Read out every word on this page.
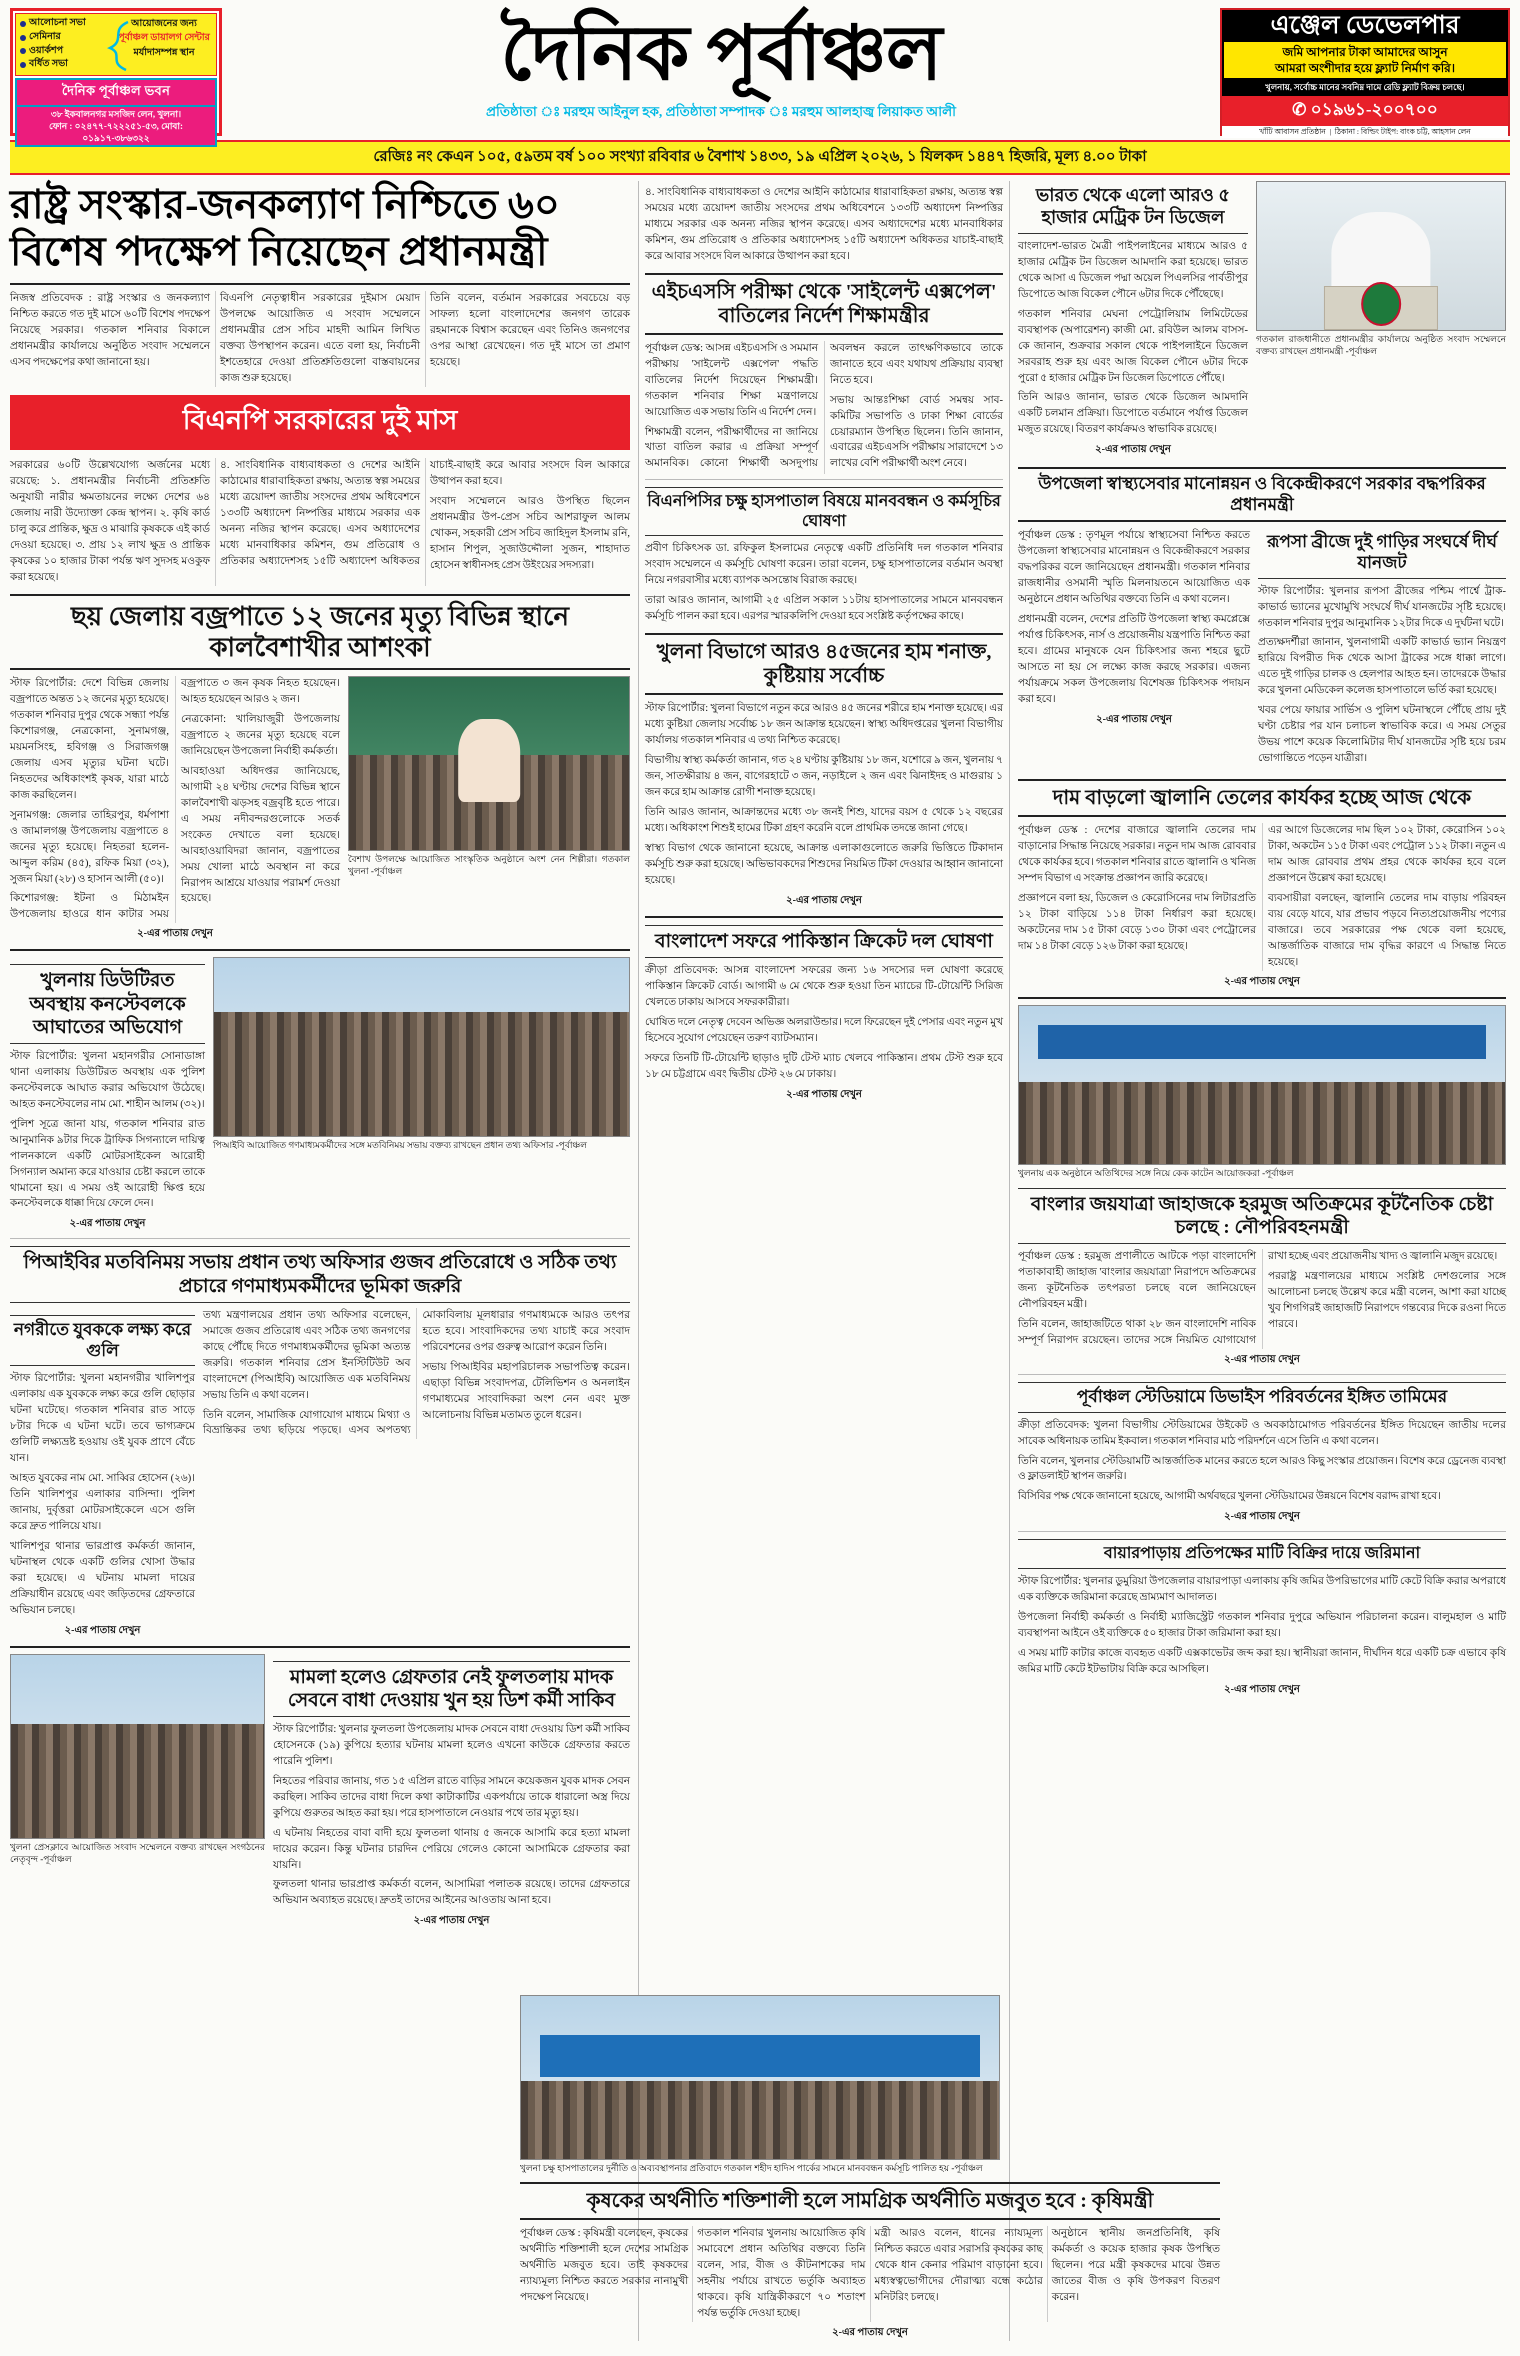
আলোচনা সভা
সেমিনার
ওয়ার্কশপ
বর্ধিত সভা
আয়োজনের জন্য
পূর্বাঞ্চল ডায়ালগ সেন্টার
মর্যাদাসম্পন্ন স্থান
দৈনিক পূর্বাঞ্চল ভবন
৩৮ ইকবালনগর মসজিদ লেন, খুলনা।
ফোন : ০২৪৭৭-৭২২২৫১-৫৩, মোবা: ০১৯১৭-৩৮৬৩২২
দৈনিক পূর্বাঞ্চল
প্রতিষ্ঠাতা ঃ মরহুম আইনুল হক, প্রতিষ্ঠাতা সম্পাদক ঃ মরহুম আলহাজ্ব লিয়াকত আলী
এঞ্জেল ডেভেলপার
জমি আপনার টাকা আমাদের আসুন
আমরা অংশীদার হয়ে ফ্ল্যাট নির্মাণ করি।
খুলনায়, সর্বোচ্চ মানের সবনিম্ন দামে রেডি ফ্ল্যাট বিক্রয় চলছে।
✆ ০১৯৬১-২০০৭০০
খাঁটি আবাসন প্রতিষ্ঠান  |  ঠিকানা : বিল্ডিং টাইপ: বাংক চট্টি, আহসান লেন
রেজিঃ নং কেএন ১০৫, ৫৯তম বর্ষ ১০০ সংখ্যা রবিবার ৬ বৈশাখ ১৪৩৩, ১৯ এপ্রিল ২০২৬, ১ যিলকদ ১৪৪৭ হিজরি, মূল্য ৪.০০ টাকা
রাষ্ট্র সংস্কার-জনকল্যাণ নিশ্চিতে ৬০ বিশেষ পদক্ষেপ নিয়েছেন প্রধানমন্ত্রী

নিজস্ব প্রতিবেদক : রাষ্ট্র সংস্কার ও জনকল্যাণ নিশ্চিত করতে গত দুই মাসে ৬০টি বিশেষ পদক্ষেপ নিয়েছে সরকার। গতকাল শনিবার বিকালে প্রধানমন্ত্রীর কার্যালয়ে অনুষ্ঠিত সংবাদ সম্মেলনে এসব পদক্ষেপের কথা জানানো হয়।

বিএনপি নেতৃত্বাধীন সরকারের দুইমাস মেয়াদ উপলক্ষে আয়োজিত এ সংবাদ সম্মেলনে প্রধানমন্ত্রীর প্রেস সচিব মাহদী আমিন লিখিত বক্তব্য উপস্থাপন করেন। এতে বলা হয়, নির্বাচনী ইশতেহারে দেওয়া প্রতিশ্রুতিগুলো বাস্তবায়নের কাজ শুরু হয়েছে।

তিনি বলেন, বর্তমান সরকারের সবচেয়ে বড় সাফল্য হলো বাংলাদেশের জনগণ তারেক রহমানকে বিশ্বাস করেছেন এবং তিনিও জনগণের ওপর আস্থা রেখেছেন। গত দুই মাসে তা প্রমাণ হয়েছে।

বিএনপি সরকারের দুই মাস

সরকারের ৬০টি উল্লেখযোগ্য অর্জনের মধ্যে রয়েছে: ১. প্রধানমন্ত্রীর নির্বাচনী প্রতিশ্রুতি অনুযায়ী নারীর ক্ষমতায়নের লক্ষ্যে দেশের ৬৪ জেলায় নারী উদ্যোক্তা কেন্দ্র স্থাপন। ২. কৃষি কার্ড চালু করে প্রান্তিক, ক্ষুদ্র ও মাঝারি কৃষককে এই কার্ড দেওয়া হয়েছে। ৩. প্রায় ১২ লাখ ক্ষুদ্র ও প্রান্তিক কৃষকের ১০ হাজার টাকা পর্যন্ত ঋণ সুদসহ মওকুফ করা হয়েছে।

৪. সাংবিধানিক বাধ্যবাধকতা ও দেশের আইনি কাঠামোর ধারাবাহিকতা রক্ষায়, অত্যন্ত স্বল্প সময়ের মধ্যে ত্রয়োদশ জাতীয় সংসদের প্রথম অধিবেশনে ১৩৩টি অধ্যাদেশ নিষ্পত্তির মাধ্যমে সরকার এক অনন্য নজির স্থাপন করেছে। এসব অধ্যাদেশের মধ্যে মানবাধিকার কমিশন, গুম প্রতিরোধ ও প্রতিকার অধ্যাদেশসহ ১৫টি অধ্যাদেশ অধিকতর যাচাই-বাছাই করে আবার সংসদে বিল আকারে উত্থাপন করা হবে।

সংবাদ সম্মেলনে আরও উপস্থিত ছিলেন প্রধানমন্ত্রীর উপ-প্রেস সচিব আশরাফুল আলম খোকন, সহকারী প্রেস সচিব জাহিদুল ইসলাম রনি, হাসান শিপুল, সুজাউদ্দৌলা সুজন, শাহাদাত হোসেন স্বাধীনসহ প্রেস উইংয়ের সদস্যরা।

ছয় জেলায় বজ্রপাতে ১২ জনের মৃত্যু বিভিন্ন স্থানে কালবৈশাখীর আশংকা

স্টাফ রিপোর্টার: দেশে বিভিন্ন জেলায় বজ্রপাতে অন্তত ১২ জনের মৃত্যু হয়েছে। গতকাল শনিবার দুপুর থেকে সন্ধ্যা পর্যন্ত কিশোরগঞ্জ, নেত্রকোনা, সুনামগঞ্জ, ময়মনসিংহ, হবিগঞ্জ ও সিরাজগঞ্জ জেলায় এসব মৃত্যুর ঘটনা ঘটে। নিহতদের অধিকাংশই কৃষক, যারা মাঠে কাজ করছিলেন।

সুনামগঞ্জ: জেলার তাহিরপুর, ধর্মপাশা ও জামালগঞ্জ উপজেলায় বজ্রপাতে ৪ জনের মৃত্যু হয়েছে। নিহতরা হলেন- আব্দুল করিম (৪৫), রফিক মিয়া (৩২), সুজন মিয়া (২৮) ও হাসান আলী (৫০)।

কিশোরগঞ্জ: ইটনা ও মিঠামইন উপজেলায় হাওরে ধান কাটার সময় বজ্রপাতে ৩ জন কৃষক নিহত হয়েছেন। আহত হয়েছেন আরও ২ জন।

নেত্রকোনা: খালিয়াজুরী উপজেলায় বজ্রপাতে ২ জনের মৃত্যু হয়েছে বলে জানিয়েছেন উপজেলা নির্বাহী কর্মকর্তা।

আবহাওয়া অধিদপ্তর জানিয়েছে, আগামী ২৪ ঘণ্টায় দেশের বিভিন্ন স্থানে কালবৈশাখী ঝড়সহ বজ্রবৃষ্টি হতে পারে। এ সময় নদীবন্দরগুলোকে সতর্ক সংকেত দেখাতে বলা হয়েছে। আবহাওয়াবিদরা জানান, বজ্রপাতের সময় খোলা মাঠে অবস্থান না করে নিরাপদ আশ্রয়ে যাওয়ার পরামর্শ দেওয়া হয়েছে।

২-এর পাতায় দেখুন
বৈশাখ উপলক্ষে আয়োজিত সাংস্কৃতিক অনুষ্ঠানে অংশ নেন শিল্পীরা। গতকাল খুলনা -পূর্বাঞ্চল
খুলনায় ডিউটিরত অবস্থায় কনস্টেবলকে আঘাতের অভিযোগ

স্টাফ রিপোর্টার: খুলনা মহানগরীর সোনাডাঙ্গা থানা এলাকায় ডিউটিরত অবস্থায় এক পুলিশ কনস্টেবলকে আঘাত করার অভিযোগ উঠেছে। আহত কনস্টেবলের নাম মো. শাহীন আলম (৩২)।

পুলিশ সূত্রে জানা যায়, গতকাল শনিবার রাত আনুমানিক ৯টার দিকে ট্রাফিক সিগন্যালে দায়িত্ব পালনকালে একটি মোটরসাইকেল আরোহী সিগন্যাল অমান্য করে যাওয়ার চেষ্টা করলে তাকে থামানো হয়। এ সময় ওই আরোহী ক্ষিপ্ত হয়ে কনস্টেবলকে ধাক্কা দিয়ে ফেলে দেন।

২-এর পাতায় দেখুন
পিআইবি আয়োজিত গণমাধ্যমকর্মীদের সঙ্গে মতবিনিময় সভায় বক্তব্য রাখছেন প্রধান তথ্য অফিসার -পূর্বাঞ্চল
পিআইবির মতবিনিময় সভায় প্রধান তথ্য অফিসার গুজব প্রতিরোধে ও সঠিক তথ্য প্রচারে গণমাধ্যমকর্মীদের ভূমিকা জরুরি
নগরীতে যুবককে লক্ষ্য করে গুলি

স্টাফ রিপোর্টার: খুলনা মহানগরীর খালিশপুর এলাকায় এক যুবককে লক্ষ্য করে গুলি ছোড়ার ঘটনা ঘটেছে। গতকাল শনিবার রাত সাড়ে ৮টার দিকে এ ঘটনা ঘটে। তবে ভাগ্যক্রমে গুলিটি লক্ষ্যভ্রষ্ট হওয়ায় ওই যুবক প্রাণে বেঁচে যান।

আহত যুবকের নাম মো. সাব্বির হোসেন (২৬)। তিনি খালিশপুর এলাকার বাসিন্দা। পুলিশ জানায়, দুর্বৃত্তরা মোটরসাইকেলে এসে গুলি করে দ্রুত পালিয়ে যায়।

খালিশপুর থানার ভারপ্রাপ্ত কর্মকর্তা জানান, ঘটনাস্থল থেকে একটি গুলির খোসা উদ্ধার করা হয়েছে। এ ঘটনায় মামলা দায়ের প্রক্রিয়াধীন রয়েছে এবং জড়িতদের গ্রেফতারে অভিযান চলছে।

২-এর পাতায় দেখুন

তথ্য মন্ত্রণালয়ের প্রধান তথ্য অফিসার বলেছেন, সমাজে গুজব প্রতিরোধ এবং সঠিক তথ্য জনগণের কাছে পৌঁছে দিতে গণমাধ্যমকর্মীদের ভূমিকা অত্যন্ত জরুরি। গতকাল শনিবার প্রেস ইনস্টিটিউট অব বাংলাদেশে (পিআইবি) আয়োজিত এক মতবিনিময় সভায় তিনি এ কথা বলেন।

তিনি বলেন, সামাজিক যোগাযোগ মাধ্যমে মিথ্যা ও বিভ্রান্তিকর তথ্য ছড়িয়ে পড়ছে। এসব অপতথ্য মোকাবিলায় মূলধারার গণমাধ্যমকে আরও তৎপর হতে হবে। সাংবাদিকদের তথ্য যাচাই করে সংবাদ পরিবেশনের ওপর গুরুত্ব আরোপ করেন তিনি।

সভায় পিআইবির মহাপরিচালক সভাপতিত্ব করেন। এছাড়া বিভিন্ন সংবাদপত্র, টেলিভিশন ও অনলাইন গণমাধ্যমের সাংবাদিকরা অংশ নেন এবং মুক্ত আলোচনায় বিভিন্ন মতামত তুলে ধরেন।

খুলনা প্রেসক্লাবে আয়োজিত সংবাদ সম্মেলনে বক্তব্য রাখছেন সংগঠনের নেতৃবৃন্দ -পূর্বাঞ্চল
মামলা হলেও গ্রেফতার নেই ফুলতলায় মাদক সেবনে বাধা দেওয়ায় খুন হয় ডিশ কর্মী সাকিব

স্টাফ রিপোর্টার: খুলনার ফুলতলা উপজেলায় মাদক সেবনে বাধা দেওয়ায় ডিশ কর্মী সাকিব হোসেনকে (১৯) কুপিয়ে হত্যার ঘটনায় মামলা হলেও এখনো কাউকে গ্রেফতার করতে পারেনি পুলিশ।

নিহতের পরিবার জানায়, গত ১৫ এপ্রিল রাতে বাড়ির সামনে কয়েকজন যুবক মাদক সেবন করছিল। সাকিব তাদের বাধা দিলে কথা কাটাকাটির একপর্যায়ে তাকে ধারালো অস্ত্র দিয়ে কুপিয়ে গুরুতর আহত করা হয়। পরে হাসপাতালে নেওয়ার পথে তার মৃত্যু হয়।

এ ঘটনায় নিহতের বাবা বাদী হয়ে ফুলতলা থানায় ৫ জনকে আসামি করে হত্যা মামলা দায়ের করেন। কিন্তু ঘটনার চারদিন পেরিয়ে গেলেও কোনো আসামিকে গ্রেফতার করা যায়নি।

ফুলতলা থানার ভারপ্রাপ্ত কর্মকর্তা বলেন, আসামিরা পলাতক রয়েছে। তাদের গ্রেফতারে অভিযান অব্যাহত রয়েছে। দ্রুতই তাদের আইনের আওতায় আনা হবে।

২-এর পাতায় দেখুন

৪. সাংবিধানিক বাধ্যবাধকতা ও দেশের আইনি কাঠামোর ধারাবাহিকতা রক্ষায়, অত্যন্ত স্বল্প সময়ের মধ্যে ত্রয়োদশ জাতীয় সংসদের প্রথম অধিবেশনে ১৩৩টি অধ্যাদেশ নিষ্পত্তির মাধ্যমে সরকার এক অনন্য নজির স্থাপন করেছে। এসব অধ্যাদেশের মধ্যে মানবাধিকার কমিশন, গুম প্রতিরোধ ও প্রতিকার অধ্যাদেশসহ ১৫টি অধ্যাদেশ অধিকতর যাচাই-বাছাই করে আবার সংসদে বিল আকারে উত্থাপন করা হবে।

এইচএসসি পরীক্ষা থেকে 'সাইলেন্ট এক্সপেল' বাতিলের নির্দেশ শিক্ষামন্ত্রীর

পূর্বাঞ্চল ডেস্ক: আসন্ন এইচএসসি ও সমমান পরীক্ষায় 'সাইলেন্ট এক্সপেল' পদ্ধতি বাতিলের নির্দেশ দিয়েছেন শিক্ষামন্ত্রী। গতকাল শনিবার শিক্ষা মন্ত্রণালয়ে আয়োজিত এক সভায় তিনি এ নির্দেশ দেন।

শিক্ষামন্ত্রী বলেন, পরীক্ষার্থীদের না জানিয়ে খাতা বাতিল করার এ প্রক্রিয়া সম্পূর্ণ অমানবিক। কোনো শিক্ষার্থী অসদুপায় অবলম্বন করলে তাৎক্ষণিকভাবে তাকে জানাতে হবে এবং যথাযথ প্রক্রিয়ায় ব্যবস্থা নিতে হবে।

সভায় আন্তঃশিক্ষা বোর্ড সমন্বয় সাব-কমিটির সভাপতি ও ঢাকা শিক্ষা বোর্ডের চেয়ারম্যান উপস্থিত ছিলেন। তিনি জানান, এবারের এইচএসসি পরীক্ষায় সারাদেশে ১৩ লাখের বেশি পরীক্ষার্থী অংশ নেবে।

বিএনপিসির চক্ষু হাসপাতাল বিষয়ে মানববন্ধন ও কর্মসূচির ঘোষণা

প্রবীণ চিকিৎসক ডা. রফিকুল ইসলামের নেতৃত্বে একটি প্রতিনিধি দল গতকাল শনিবার সংবাদ সম্মেলনে এ কর্মসূচি ঘোষণা করেন। তারা বলেন, চক্ষু হাসপাতালের বর্তমান অবস্থা নিয়ে নগরবাসীর মধ্যে ব্যাপক অসন্তোষ বিরাজ করছে।

তারা আরও জানান, আগামী ২৫ এপ্রিল সকাল ১১টায় হাসপাতালের সামনে মানববন্ধন কর্মসূচি পালন করা হবে। এরপর স্মারকলিপি দেওয়া হবে সংশ্লিষ্ট কর্তৃপক্ষের কাছে।

খুলনা বিভাগে আরও ৪৫জনের হাম শনাক্ত, কুষ্টিয়ায় সর্বোচ্চ

স্টাফ রিপোর্টার: খুলনা বিভাগে নতুন করে আরও ৪৫ জনের শরীরে হাম শনাক্ত হয়েছে। এর মধ্যে কুষ্টিয়া জেলায় সর্বোচ্চ ১৮ জন আক্রান্ত হয়েছেন। স্বাস্থ্য অধিদপ্তরের খুলনা বিভাগীয় কার্যালয় গতকাল শনিবার এ তথ্য নিশ্চিত করেছে।

বিভাগীয় স্বাস্থ্য কর্মকর্তা জানান, গত ২৪ ঘণ্টায় কুষ্টিয়ায় ১৮ জন, যশোরে ৯ জন, খুলনায় ৭ জন, সাতক্ষীরায় ৪ জন, বাগেরহাটে ৩ জন, নড়াইলে ২ জন এবং ঝিনাইদহ ও মাগুরায় ১ জন করে হাম আক্রান্ত রোগী শনাক্ত হয়েছে।

তিনি আরও জানান, আক্রান্তদের মধ্যে ৩৮ জনই শিশু, যাদের বয়স ৫ থেকে ১২ বছরের মধ্যে। অধিকাংশ শিশুই হামের টিকা গ্রহণ করেনি বলে প্রাথমিক তদন্তে জানা গেছে।

স্বাস্থ্য বিভাগ থেকে জানানো হয়েছে, আক্রান্ত এলাকাগুলোতে জরুরি ভিত্তিতে টিকাদান কর্মসূচি শুরু করা হয়েছে। অভিভাবকদের শিশুদের নিয়মিত টিকা দেওয়ার আহ্বান জানানো হয়েছে।

২-এর পাতায় দেখুন
বাংলাদেশ সফরে পাকিস্তান ক্রিকেট দল ঘোষণা

ক্রীড়া প্রতিবেদক: আসন্ন বাংলাদেশ সফরের জন্য ১৬ সদস্যের দল ঘোষণা করেছে পাকিস্তান ক্রিকেট বোর্ড। আগামী ৬ মে থেকে শুরু হওয়া তিন ম্যাচের টি-টোয়েন্টি সিরিজ খেলতে ঢাকায় আসবে সফরকারীরা।

ঘোষিত দলে নেতৃত্ব দেবেন অভিজ্ঞ অলরাউন্ডার। দলে ফিরেছেন দুই পেসার এবং নতুন মুখ হিসেবে সুযোগ পেয়েছেন তরুণ ব্যাটসম্যান।

সফরে তিনটি টি-টোয়েন্টি ছাড়াও দুটি টেস্ট ম্যাচ খেলবে পাকিস্তান। প্রথম টেস্ট শুরু হবে ১৮ মে চট্টগ্রামে এবং দ্বিতীয় টেস্ট ২৬ মে ঢাকায়।

২-এর পাতায় দেখুন
ভারত থেকে এলো আরও ৫ হাজার মেট্রিক টন ডিজেল

বাংলাদেশ-ভারত মৈত্রী পাইপলাইনের মাধ্যমে আরও ৫ হাজার মেট্রিক টন ডিজেল আমদানি করা হয়েছে। ভারত থেকে আসা এ ডিজেল পদ্মা অয়েল পিএলসির পার্বতীপুর ডিপোতে আজ বিকেল পৌনে ৬টার দিকে পৌঁছেছে।

গতকাল শনিবার মেঘনা পেট্রোলিয়াম লিমিটেডের ব্যবস্থাপক (অপারেশন) কাজী মো. রবিউল আলম বাসস-কে জানান, শুক্রবার সকাল থেকে পাইপলাইনে ডিজেল সরবরাহ শুরু হয় এবং আজ বিকেল পৌনে ৬টার দিকে পুরো ৫ হাজার মেট্রিক টন ডিজেল ডিপোতে পৌঁছে।

তিনি আরও জানান, ভারত থেকে ডিজেল আমদানি একটি চলমান প্রক্রিয়া। ডিপোতে বর্তমানে পর্যাপ্ত ডিজেল মজুত রয়েছে। বিতরণ কার্যক্রমও স্বাভাবিক রয়েছে।

২-এর পাতায় দেখুন
গতকাল রাজধানীতে প্রধানমন্ত্রীর কার্যালয়ে অনুষ্ঠিত সংবাদ সম্মেলনে বক্তব্য রাখছেন প্রধানমন্ত্রী -পূর্বাঞ্চল
উপজেলা স্বাস্থ্যসেবার মানোন্নয়ন ও বিকেন্দ্রীকরণে সরকার বদ্ধপরিকর প্রধানমন্ত্রী

পূর্বাঞ্চল ডেস্ক : তৃণমূল পর্যায়ে স্বাস্থ্যসেবা নিশ্চিত করতে উপজেলা স্বাস্থ্যসেবার মানোন্নয়ন ও বিকেন্দ্রীকরণে সরকার বদ্ধপরিকর বলে জানিয়েছেন প্রধানমন্ত্রী। গতকাল শনিবার রাজধানীর ওসমানী স্মৃতি মিলনায়তনে আয়োজিত এক অনুষ্ঠানে প্রধান অতিথির বক্তব্যে তিনি এ কথা বলেন।

প্রধানমন্ত্রী বলেন, দেশের প্রতিটি উপজেলা স্বাস্থ্য কমপ্লেক্সে পর্যাপ্ত চিকিৎসক, নার্স ও প্রয়োজনীয় যন্ত্রপাতি নিশ্চিত করা হবে। গ্রামের মানুষকে যেন চিকিৎসার জন্য শহরে ছুটে আসতে না হয় সে লক্ষ্যে কাজ করছে সরকার। এজন্য পর্যায়ক্রমে সকল উপজেলায় বিশেষজ্ঞ চিকিৎসক পদায়ন করা হবে।

২-এর পাতায় দেখুন
রূপসা ব্রীজে দুই গাড়ির সংঘর্ষে দীর্ঘ যানজট

স্টাফ রিপোর্টার: খুলনার রূপসা ব্রীজের পশ্চিম পার্শ্বে ট্রাক-কাভার্ড ভ্যানের মুখোমুখি সংঘর্ষে দীর্ঘ যানজটের সৃষ্টি হয়েছে। গতকাল শনিবার দুপুর আনুমানিক ১২টার দিকে এ দুর্ঘটনা ঘটে।

প্রত্যক্ষদর্শীরা জানান, খুলনাগামী একটি কাভার্ড ভ্যান নিয়ন্ত্রণ হারিয়ে বিপরীত দিক থেকে আসা ট্রাকের সঙ্গে ধাক্কা লাগে। এতে দুই গাড়ির চালক ও হেলপার আহত হন। তাদেরকে উদ্ধার করে খুলনা মেডিকেল কলেজ হাসপাতালে ভর্তি করা হয়েছে।

খবর পেয়ে ফায়ার সার্ভিস ও পুলিশ ঘটনাস্থলে পৌঁছে প্রায় দুই ঘণ্টা চেষ্টার পর যান চলাচল স্বাভাবিক করে। এ সময় সেতুর উভয় পাশে কয়েক কিলোমিটার দীর্ঘ যানজটের সৃষ্টি হয়ে চরম ভোগান্তিতে পড়েন যাত্রীরা।

দাম বাড়লো জ্বালানি তেলের কার্যকর হচ্ছে আজ থেকে

পূর্বাঞ্চল ডেস্ক : দেশের বাজারে জ্বালানি তেলের দাম বাড়ানোর সিদ্ধান্ত নিয়েছে সরকার। নতুন দাম আজ রোববার থেকে কার্যকর হবে। গতকাল শনিবার রাতে জ্বালানি ও খনিজ সম্পদ বিভাগ এ সংক্রান্ত প্রজ্ঞাপন জারি করেছে।

প্রজ্ঞাপনে বলা হয়, ডিজেল ও কেরোসিনের দাম লিটারপ্রতি ১২ টাকা বাড়িয়ে ১১৪ টাকা নির্ধারণ করা হয়েছে। অকটেনের দাম ১৫ টাকা বেড়ে ১৩০ টাকা এবং পেট্রোলের দাম ১৪ টাকা বেড়ে ১২৬ টাকা করা হয়েছে।

এর আগে ডিজেলের দাম ছিল ১০২ টাকা, কেরোসিন ১০২ টাকা, অকটেন ১১৫ টাকা এবং পেট্রোল ১১২ টাকা। নতুন এ দাম আজ রোববার প্রথম প্রহর থেকে কার্যকর হবে বলে প্রজ্ঞাপনে উল্লেখ করা হয়েছে।

ব্যবসায়ীরা বলছেন, জ্বালানি তেলের দাম বাড়ায় পরিবহন ব্যয় বেড়ে যাবে, যার প্রভাব পড়বে নিত্যপ্রয়োজনীয় পণ্যের বাজারে। তবে সরকারের পক্ষ থেকে বলা হয়েছে, আন্তর্জাতিক বাজারে দাম বৃদ্ধির কারণে এ সিদ্ধান্ত নিতে হয়েছে।

২-এর পাতায় দেখুন
খুলনায় এক অনুষ্ঠানে অতিথিদের সঙ্গে নিয়ে কেক কাটেন আয়োজকরা -পূর্বাঞ্চল
বাংলার জয়যাত্রা জাহাজকে হরমুজ অতিক্রমের কূটনৈতিক চেষ্টা চলছে : নৌপরিবহনমন্ত্রী

পূর্বাঞ্চল ডেস্ক : হরমুজ প্রণালীতে আটকে পড়া বাংলাদেশি পতাকাবাহী জাহাজ 'বাংলার জয়যাত্রা' নিরাপদে অতিক্রমের জন্য কূটনৈতিক তৎপরতা চলছে বলে জানিয়েছেন নৌপরিবহন মন্ত্রী।

তিনি বলেন, জাহাজটিতে থাকা ২৮ জন বাংলাদেশি নাবিক সম্পূর্ণ নিরাপদ রয়েছেন। তাদের সঙ্গে নিয়মিত যোগাযোগ রাখা হচ্ছে এবং প্রয়োজনীয় খাদ্য ও জ্বালানি মজুদ রয়েছে।

পররাষ্ট্র মন্ত্রণালয়ের মাধ্যমে সংশ্লিষ্ট দেশগুলোর সঙ্গে আলোচনা চলছে উল্লেখ করে মন্ত্রী বলেন, আশা করা যাচ্ছে খুব শিগগিরই জাহাজটি নিরাপদে গন্তব্যের দিকে রওনা দিতে পারবে।

২-এর পাতায় দেখুন
পূর্বাঞ্চল স্টেডিয়ামে ডিভাইস পরিবর্তনের ইঙ্গিত তামিমের

ক্রীড়া প্রতিবেদক: খুলনা বিভাগীয় স্টেডিয়ামের উইকেট ও অবকাঠামোগত পরিবর্তনের ইঙ্গিত দিয়েছেন জাতীয় দলের সাবেক অধিনায়ক তামিম ইকবাল। গতকাল শনিবার মাঠ পরিদর্শনে এসে তিনি এ কথা বলেন।

তিনি বলেন, খুলনার স্টেডিয়ামটি আন্তর্জাতিক মানের করতে হলে আরও কিছু সংস্কার প্রয়োজন। বিশেষ করে ড্রেনেজ ব্যবস্থা ও ফ্লাডলাইট স্থাপন জরুরি।

বিসিবির পক্ষ থেকে জানানো হয়েছে, আগামী অর্থবছরে খুলনা স্টেডিয়ামের উন্নয়নে বিশেষ বরাদ্দ রাখা হবে।

২-এর পাতায় দেখুন
বায়ারপাড়ায় প্রতিপক্ষের মাটি বিক্রির দায়ে জরিমানা

স্টাফ রিপোর্টার: খুলনার ডুমুরিয়া উপজেলার বায়ারপাড়া এলাকায় কৃষি জমির উপরিভাগের মাটি কেটে বিক্রি করার অপরাধে এক ব্যক্তিকে জরিমানা করেছে ভ্রাম্যমাণ আদালত।

উপজেলা নির্বাহী কর্মকর্তা ও নির্বাহী ম্যাজিস্ট্রেট গতকাল শনিবার দুপুরে অভিযান পরিচালনা করেন। বালুমহাল ও মাটি ব্যবস্থাপনা আইনে ওই ব্যক্তিকে ৫০ হাজার টাকা জরিমানা করা হয়।

এ সময় মাটি কাটার কাজে ব্যবহৃত একটি এক্সকাভেটর জব্দ করা হয়। স্থানীয়রা জানান, দীর্ঘদিন ধরে একটি চক্র এভাবে কৃষি জমির মাটি কেটে ইটভাটায় বিক্রি করে আসছিল।

২-এর পাতায় দেখুন
খুলনা চক্ষু হাসপাতালের দুর্নীতি ও অব্যবস্থাপনার প্রতিবাদে গতকাল শহীদ হাদিস পার্কের সামনে মানববন্ধন কর্মসূচি পালিত হয় -পূর্বাঞ্চল
কৃষকের অর্থনীতি শক্তিশালী হলে সামগ্রিক অর্থনীতি মজবুত হবে : কৃষিমন্ত্রী

পূর্বাঞ্চল ডেস্ক : কৃষিমন্ত্রী বলেছেন, কৃষকের অর্থনীতি শক্তিশালী হলে দেশের সামগ্রিক অর্থনীতি মজবুত হবে। তাই কৃষকদের ন্যায্যমূল্য নিশ্চিত করতে সরকার নানামুখী পদক্ষেপ নিয়েছে।

গতকাল শনিবার খুলনায় আয়োজিত কৃষি সমাবেশে প্রধান অতিথির বক্তব্যে তিনি বলেন, সার, বীজ ও কীটনাশকের দাম সহনীয় পর্যায়ে রাখতে ভর্তুকি অব্যাহত থাকবে। কৃষি যান্ত্রিকীকরণে ৭০ শতাংশ পর্যন্ত ভর্তুকি দেওয়া হচ্ছে।

মন্ত্রী আরও বলেন, ধানের ন্যায্যমূল্য নিশ্চিত করতে এবার সরাসরি কৃষকের কাছ থেকে ধান কেনার পরিমাণ বাড়ানো হবে। মধ্যস্বত্বভোগীদের দৌরাত্ম্য বন্ধে কঠোর মনিটরিং চলছে।

অনুষ্ঠানে স্থানীয় জনপ্রতিনিধি, কৃষি কর্মকর্তা ও কয়েক হাজার কৃষক উপস্থিত ছিলেন। পরে মন্ত্রী কৃষকদের মাঝে উন্নত জাতের বীজ ও কৃষি উপকরণ বিতরণ করেন।

২-এর পাতায় দেখুন
